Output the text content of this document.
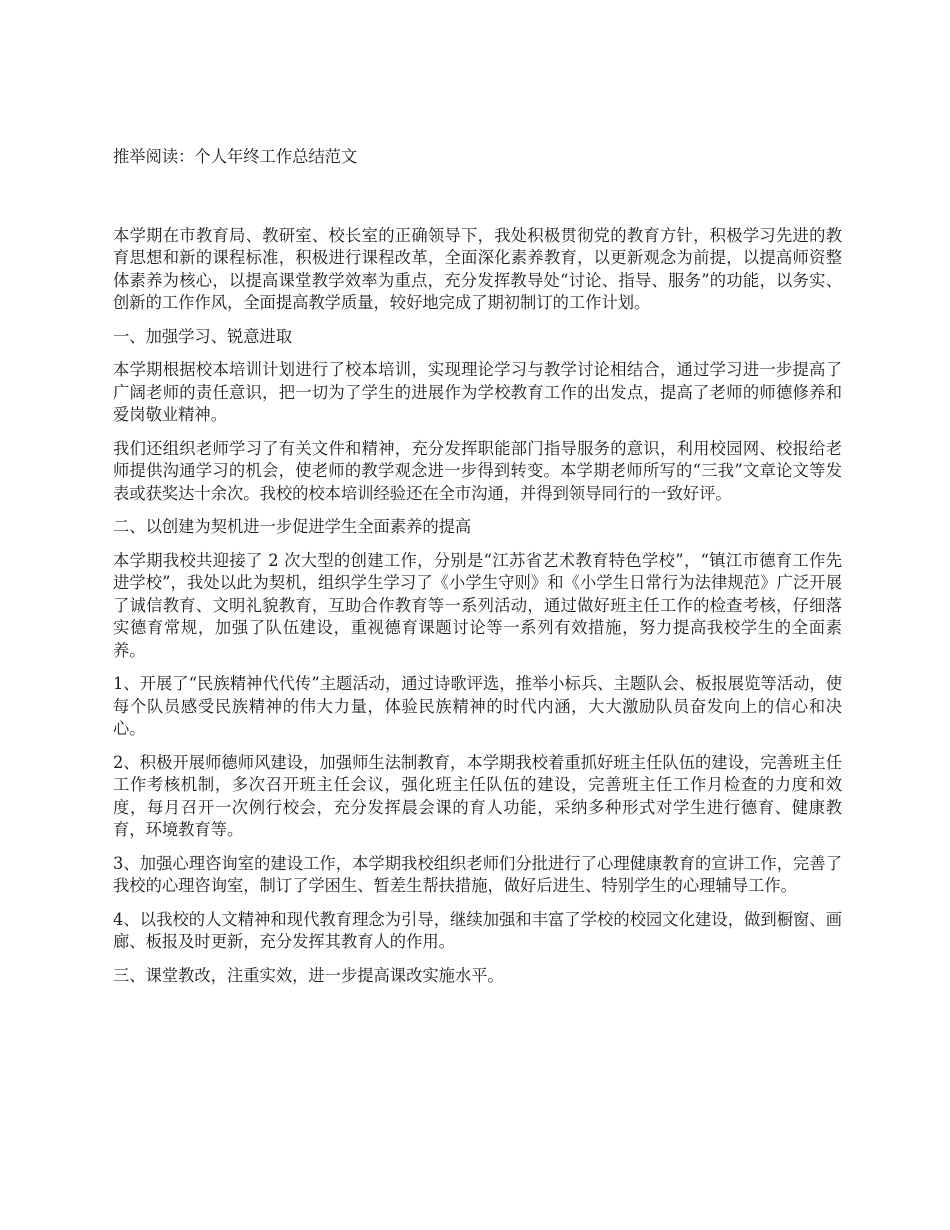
推举阅读：个人年终工作总结范文

本学期在市教育局、教研室、校长室的正确领导下，我处积极贯彻党的教育方针，积极学习先进的教育思想和新的课程标准，积极进行课程改革，全面深化素养教育，以更新观念为前提，以提高师资整体素养为核心，以提高课堂教学效率为重点，充分发挥教导处“讨论、指导、服务”的功能，以务实、创新的工作作风，全面提高教学质量，较好地完成了期初制订的工作计划。

一、加强学习、锐意进取

本学期根据校本培训计划进行了校本培训，实现理论学习与教学讨论相结合，通过学习进一步提高了广阔老师的责任意识，把一切为了学生的进展作为学校教育工作的出发点，提高了老师的师德修养和爱岗敬业精神。

我们还组织老师学习了有关文件和精神，充分发挥职能部门指导服务的意识，利用校园网、校报给老师提供沟通学习的机会，使老师的教学观念进一步得到转变。本学期老师所写的“三我”文章论文等发表或获奖达十余次。我校的校本培训经验还在全市沟通，并得到领导同行的一致好评。

二、以创建为契机进一步促进学生全面素养的提高

本学期我校共迎接了 2 次大型的创建工作，分别是“江苏省艺术教育特色学校”，“镇江市德育工作先进学校”，我处以此为契机，组织学生学习了《小学生守则》和《小学生日常行为法律规范》广泛开展了诚信教育、文明礼貌教育，互助合作教育等一系列活动，通过做好班主任工作的检查考核，仔细落实德育常规，加强了队伍建设，重视德育课题讨论等一系列有效措施，努力提高我校学生的全面素养。

1、开展了“民族精神代代传”主题活动，通过诗歌评选，推举小标兵、主题队会、板报展览等活动，使每个队员感受民族精神的伟大力量，体验民族精神的时代内涵，大大激励队员奋发向上的信心和决心。

2、积极开展师德师风建设，加强师生法制教育，本学期我校着重抓好班主任队伍的建设，完善班主任工作考核机制，多次召开班主任会议，强化班主任队伍的建设，完善班主任工作月检查的力度和效度，每月召开一次例行校会，充分发挥晨会课的育人功能，采纳多种形式对学生进行德育、健康教育，环境教育等。

3、加强心理咨询室的建设工作，本学期我校组织老师们分批进行了心理健康教育的宣讲工作，完善了我校的心理咨询室，制订了学困生、暂差生帮扶措施，做好后进生、特别学生的心理辅导工作。

4、以我校的人文精神和现代教育理念为引导，继续加强和丰富了学校的校园文化建设，做到橱窗、画廊、板报及时更新，充分发挥其教育人的作用。

三、课堂教改，注重实效，进一步提高课改实施水平。
